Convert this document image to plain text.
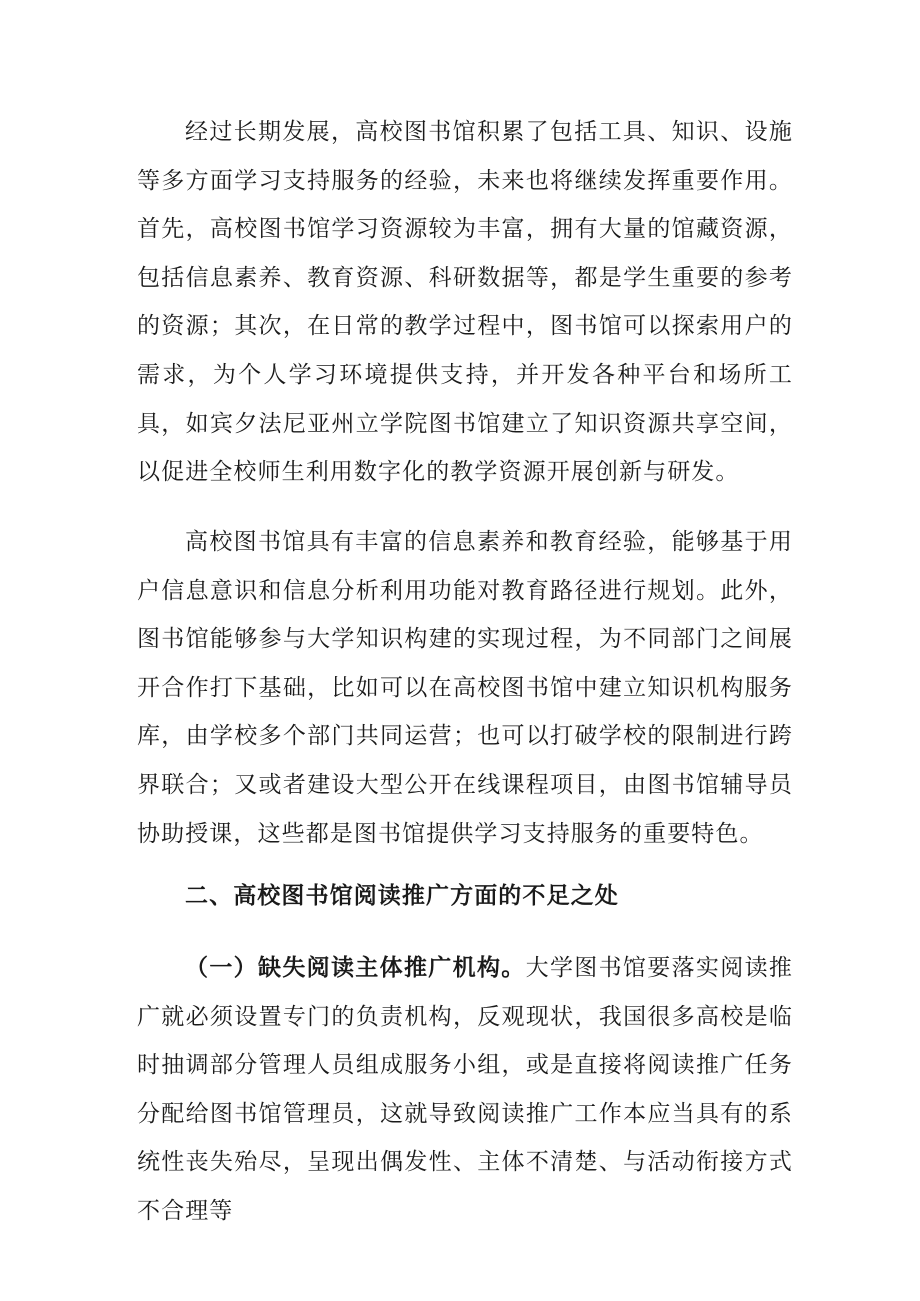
经过长期发展，高校图书馆积累了包括工具、知识、设施等多方面学习支持服务的经验，未来也将继续发挥重要作用。首先，高校图书馆学习资源较为丰富，拥有大量的馆藏资源，包括信息素养、教育资源、科研数据等，都是学生重要的参考的资源；其次，在日常的教学过程中，图书馆可以探索用户的需求，为个人学习环境提供支持，并开发各种平台和场所工具，如宾夕法尼亚州立学院图书馆建立了知识资源共享空间，以促进全校师生利用数字化的教学资源开展创新与研发。

高校图书馆具有丰富的信息素养和教育经验，能够基于用户信息意识和信息分析利用功能对教育路径进行规划。此外，图书馆能够参与大学知识构建的实现过程，为不同部门之间展开合作打下基础，比如可以在高校图书馆中建立知识机构服务库，由学校多个部门共同运营；也可以打破学校的限制进行跨界联合；又或者建设大型公开在线课程项目，由图书馆辅导员协助授课，这些都是图书馆提供学习支持服务的重要特色。

二、高校图书馆阅读推广方面的不足之处

（一）缺失阅读主体推广机构。大学图书馆要落实阅读推广就必须设置专门的负责机构，反观现状，我国很多高校是临时抽调部分管理人员组成服务小组，或是直接将阅读推广任务分配给图书馆管理员，这就导致阅读推广工作本应当具有的系统性丧失殆尽，呈现出偶发性、主体不清楚、与活动衔接方式不合理等
